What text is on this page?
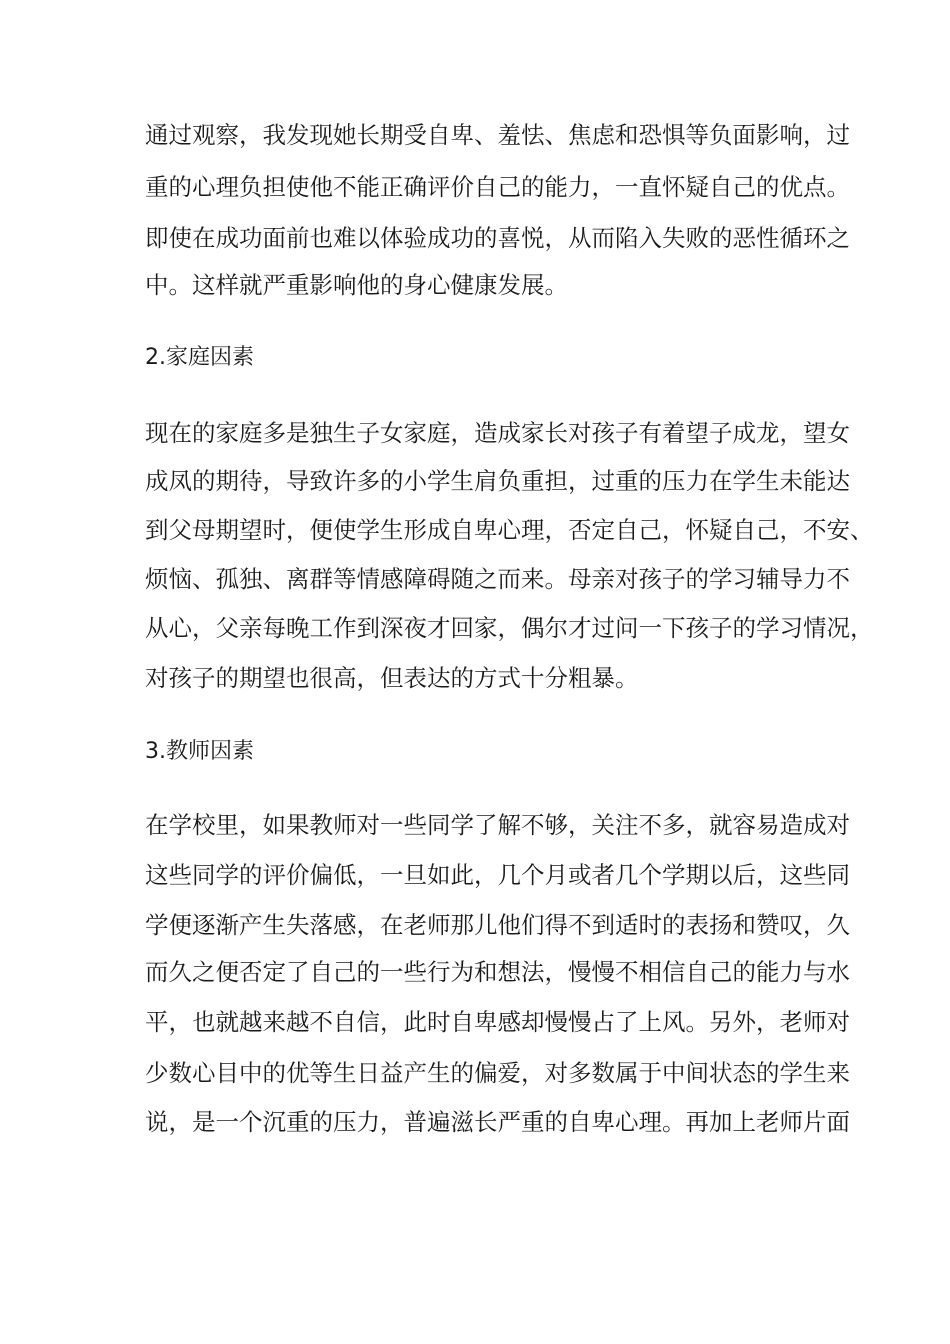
通过观察，我发现她长期受自卑、羞怯、焦虑和恐惧等负面影响，过
重的心理负担使他不能正确评价自己的能力，一直怀疑自己的优点。
即使在成功面前也难以体验成功的喜悦，从而陷入失败的恶性循环之
中。这样就严重影响他的身心健康发展。
2.家庭因素
现在的家庭多是独生子女家庭，造成家长对孩子有着望子成龙，望女
成凤的期待，导致许多的小学生肩负重担，过重的压力在学生未能达
到父母期望时，便使学生形成自卑心理，否定自己，怀疑自己，不安、
烦恼、孤独、离群等情感障碍随之而来。母亲对孩子的学习辅导力不
从心，父亲每晚工作到深夜才回家，偶尔才过问一下孩子的学习情况，
对孩子的期望也很高，但表达的方式十分粗暴。
3.教师因素
在学校里，如果教师对一些同学了解不够，关注不多，就容易造成对
这些同学的评价偏低，一旦如此，几个月或者几个学期以后，这些同
学便逐渐产生失落感，在老师那儿他们得不到适时的表扬和赞叹，久
而久之便否定了自己的一些行为和想法，慢慢不相信自己的能力与水
平，也就越来越不自信，此时自卑感却慢慢占了上风。另外，老师对
少数心目中的优等生日益产生的偏爱，对多数属于中间状态的学生来
说，是一个沉重的压力，普遍滋长严重的自卑心理。再加上老师片面
